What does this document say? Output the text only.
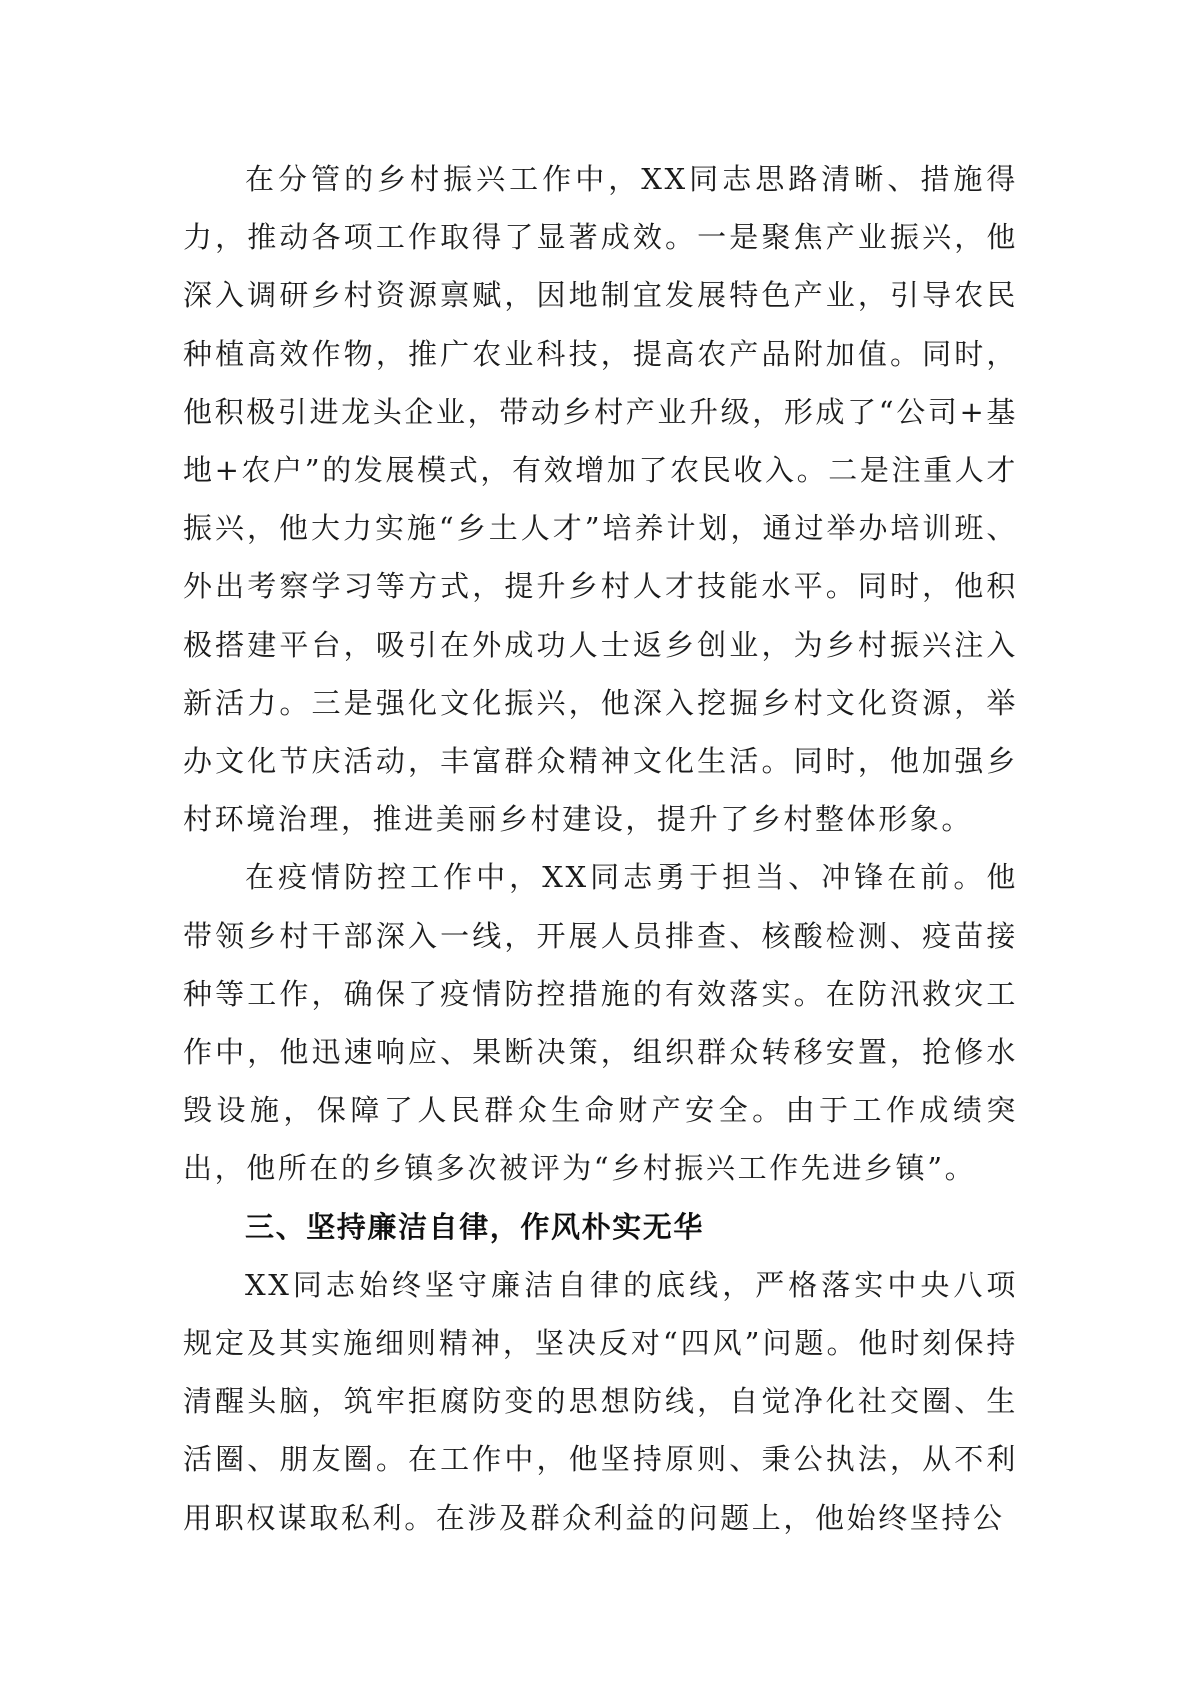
在分管的乡村振兴工作中，XX同志思路清晰、措施得力，推动各项工作取得了显著成效。一是聚焦产业振兴，他深入调研乡村资源禀赋，因地制宜发展特色产业，引导农民种植高效作物，推广农业科技，提高农产品附加值。同时，他积极引进龙头企业，带动乡村产业升级，形成了“公司+基地+农户”的发展模式，有效增加了农民收入。二是注重人才振兴，他大力实施“乡土人才”培养计划，通过举办培训班、外出考察学习等方式，提升乡村人才技能水平。同时，他积极搭建平台，吸引在外成功人士返乡创业，为乡村振兴注入新活力。三是强化文化振兴，他深入挖掘乡村文化资源，举办文化节庆活动，丰富群众精神文化生活。同时，他加强乡村环境治理，推进美丽乡村建设，提升了乡村整体形象。

在疫情防控工作中，XX同志勇于担当、冲锋在前。他带领乡村干部深入一线，开展人员排查、核酸检测、疫苗接种等工作，确保了疫情防控措施的有效落实。在防汛救灾工作中，他迅速响应、果断决策，组织群众转移安置，抢修水毁设施，保障了人民群众生命财产安全。由于工作成绩突出，他所在的乡镇多次被评为“乡村振兴工作先进乡镇”。

三、坚持廉洁自律，作风朴实无华

XX同志始终坚守廉洁自律的底线，严格落实中央八项规定及其实施细则精神，坚决反对“四风”问题。他时刻保持清醒头脑，筑牢拒腐防变的思想防线，自觉净化社交圈、生活圈、朋友圈。在工作中，他坚持原则、秉公执法，从不利用职权谋取私利。在涉及群众利益的问题上，他始终坚持公
